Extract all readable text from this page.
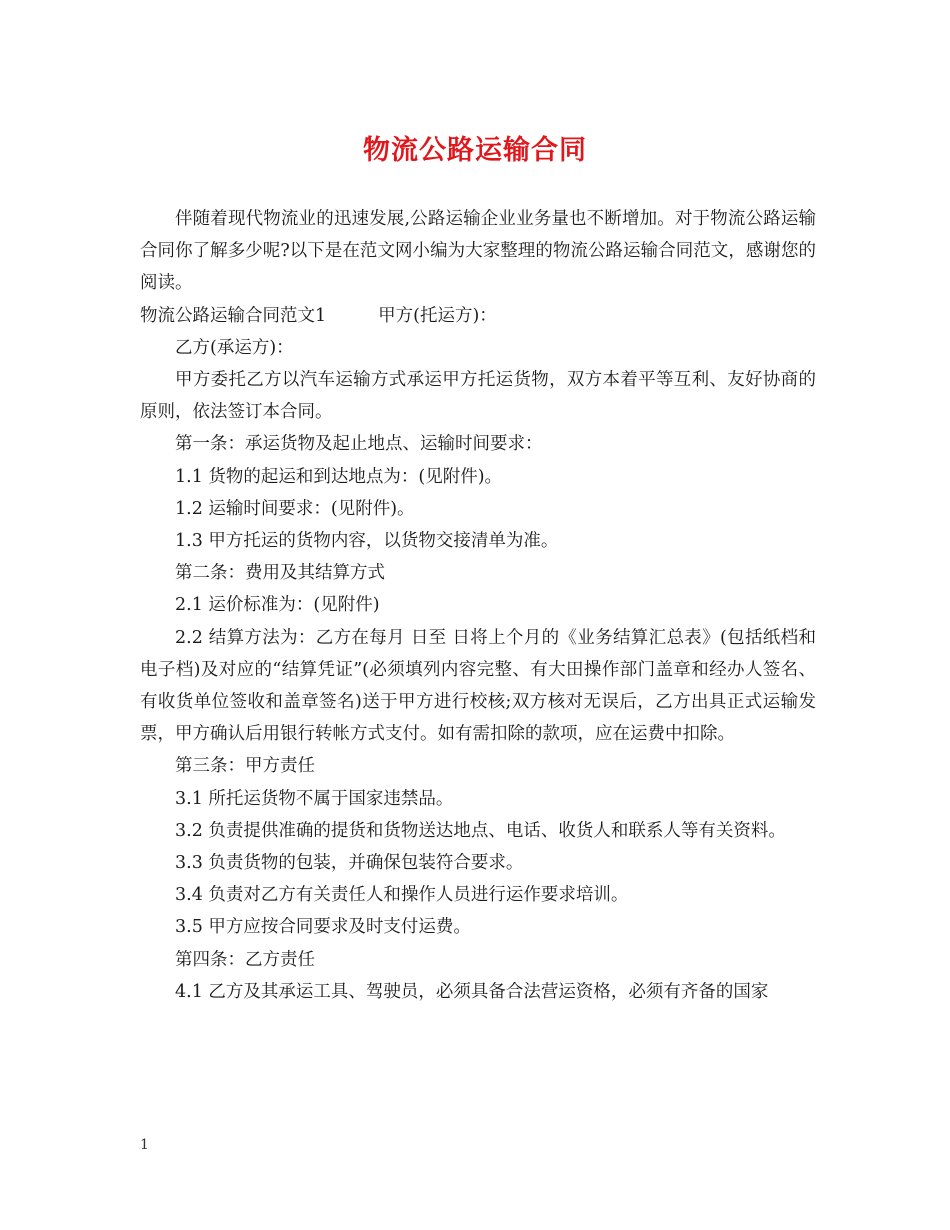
物流公路运输合同

伴随着现代物流业的迅速发展,公路运输企业业务量也不断增加。对于物流公路运输合同你了解多少呢?以下是在范文网小编为大家整理的物流公路运输合同范文，感谢您的阅读。

物流公路运输合同范文1	甲方(托运方)：

乙方(承运方)：

甲方委托乙方以汽车运输方式承运甲方托运货物，双方本着平等互利、友好协商的原则，依法签订本合同。

第一条：承运货物及起止地点、运输时间要求：

1.1 货物的起运和到达地点为：(见附件)。

1.2 运输时间要求：(见附件)。

1.3 甲方托运的货物内容，以货物交接清单为准。

第二条：费用及其结算方式

2.1 运价标准为：(见附件)

2.2 结算方法为：乙方在每月 日至 日将上个月的《业务结算汇总表》(包括纸档和电子档)及对应的“结算凭证”(必须填列内容完整、有大田操作部门盖章和经办人签名、有收货单位签收和盖章签名)送于甲方进行校核;双方核对无误后，乙方出具正式运输发票，甲方确认后用银行转帐方式支付。如有需扣除的款项，应在运费中扣除。

第三条：甲方责任

3.1 所托运货物不属于国家违禁品。

3.2 负责提供准确的提货和货物送达地点、电话、收货人和联系人等有关资料。

3.3 负责货物的包装，并确保包装符合要求。

3.4 负责对乙方有关责任人和操作人员进行运作要求培训。

3.5 甲方应按合同要求及时支付运费。

第四条：乙方责任

4.1 乙方及其承运工具、驾驶员，必须具备合法营运资格，必须有齐备的国家

1
